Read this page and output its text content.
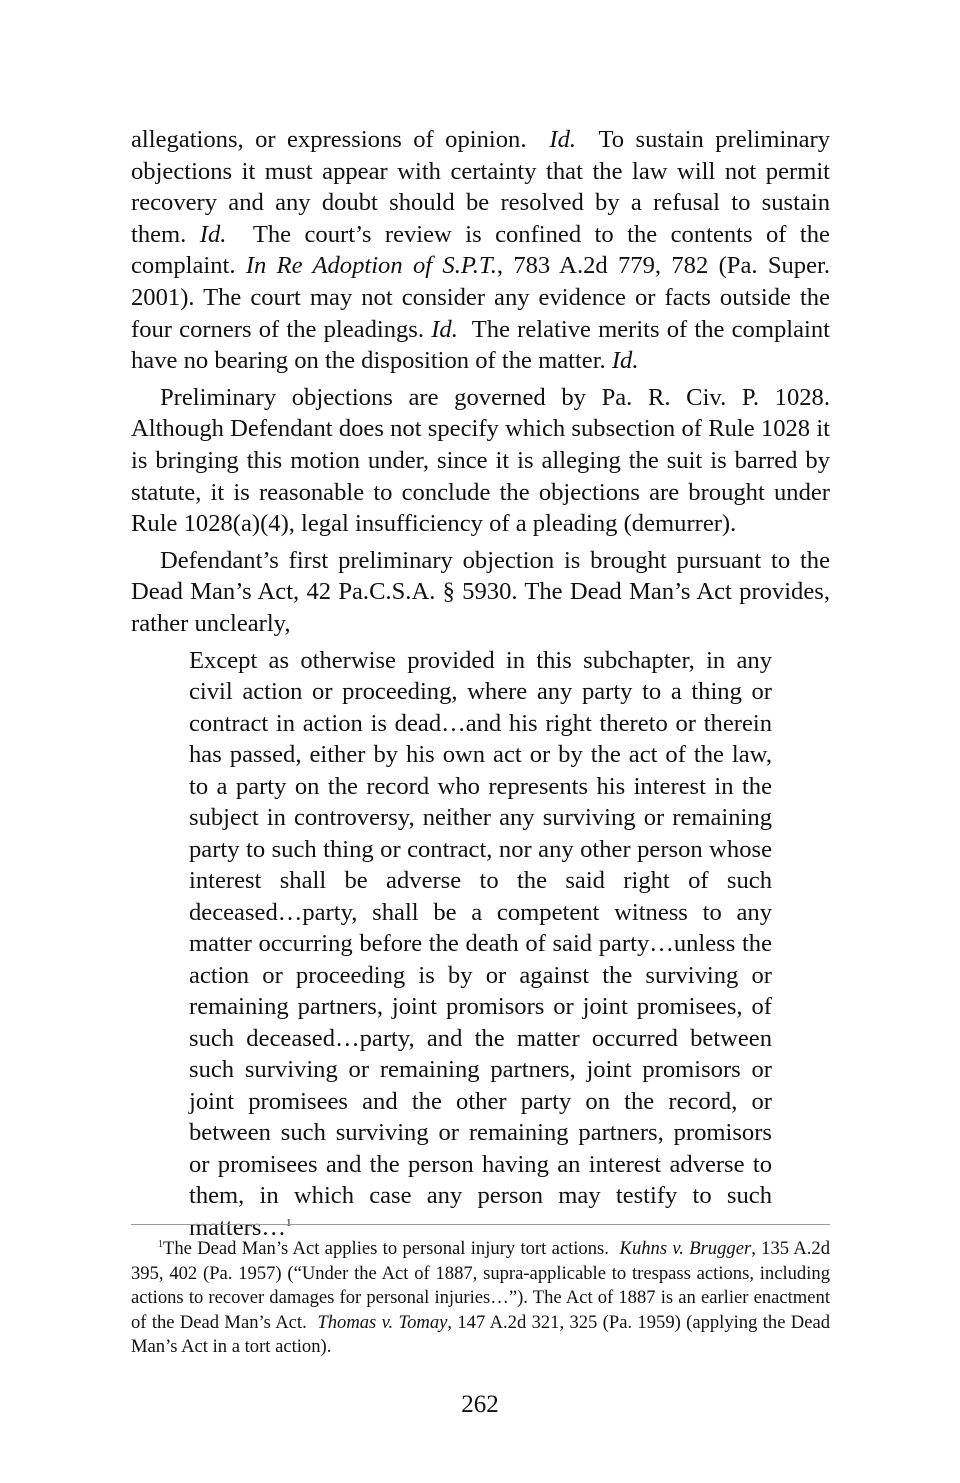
allegations, or expressions of opinion. Id. To sustain preliminary objections it must appear with certainty that the law will not permit recovery and any doubt should be resolved by a refusal to sustain them. Id. The court’s review is confined to the contents of the complaint. In Re Adoption of S.P.T., 783 A.2d 779, 782 (Pa. Super. 2001). The court may not consider any evidence or facts outside the four corners of the pleadings. Id. The relative merits of the complaint have no bearing on the disposition of the matter. Id.

Preliminary objections are governed by Pa. R. Civ. P. 1028. Although Defendant does not specify which subsection of Rule 1028 it is bringing this motion under, since it is alleging the suit is barred by statute, it is reasonable to conclude the objections are brought under Rule 1028(a)(4), legal insufficiency of a pleading (demurrer).

Defendant’s first preliminary objection is brought pursuant to the Dead Man’s Act, 42 Pa.C.S.A. § 5930. The Dead Man’s Act provides, rather unclearly,

Except as otherwise provided in this subchapter, in any civil action or proceeding, where any party to a thing or contract in action is dead…and his right thereto or therein has passed, either by his own act or by the act of the law, to a party on the record who represents his interest in the subject in controversy, neither any surviving or remaining party to such thing or contract, nor any other person whose interest shall be adverse to the said right of such deceased…party, shall be a competent witness to any matter occurring before the death of said party…unless the action or proceeding is by or against the surviving or remaining partners, joint promisors or joint promisees, of such deceased…party, and the matter occurred between such surviving or remaining partners, joint promisors or joint promisees and the other party on the record, or between such surviving or remaining partners, promisors or promisees and the person having an interest adverse to them, in which case any person may testify to such matters…$^1$

$^1$The Dead Man’s Act applies to personal injury tort actions. Kuhns v. Brugger, 135 A.2d 395, 402 (Pa. 1957) (“Under the Act of 1887, supra-applicable to trespass actions, including actions to recover damages for personal injuries…”). The Act of 1887 is an earlier enactment of the Dead Man’s Act. Thomas v. Tomay, 147 A.2d 321, 325 (Pa. 1959) (applying the Dead Man’s Act in a tort action).

262
